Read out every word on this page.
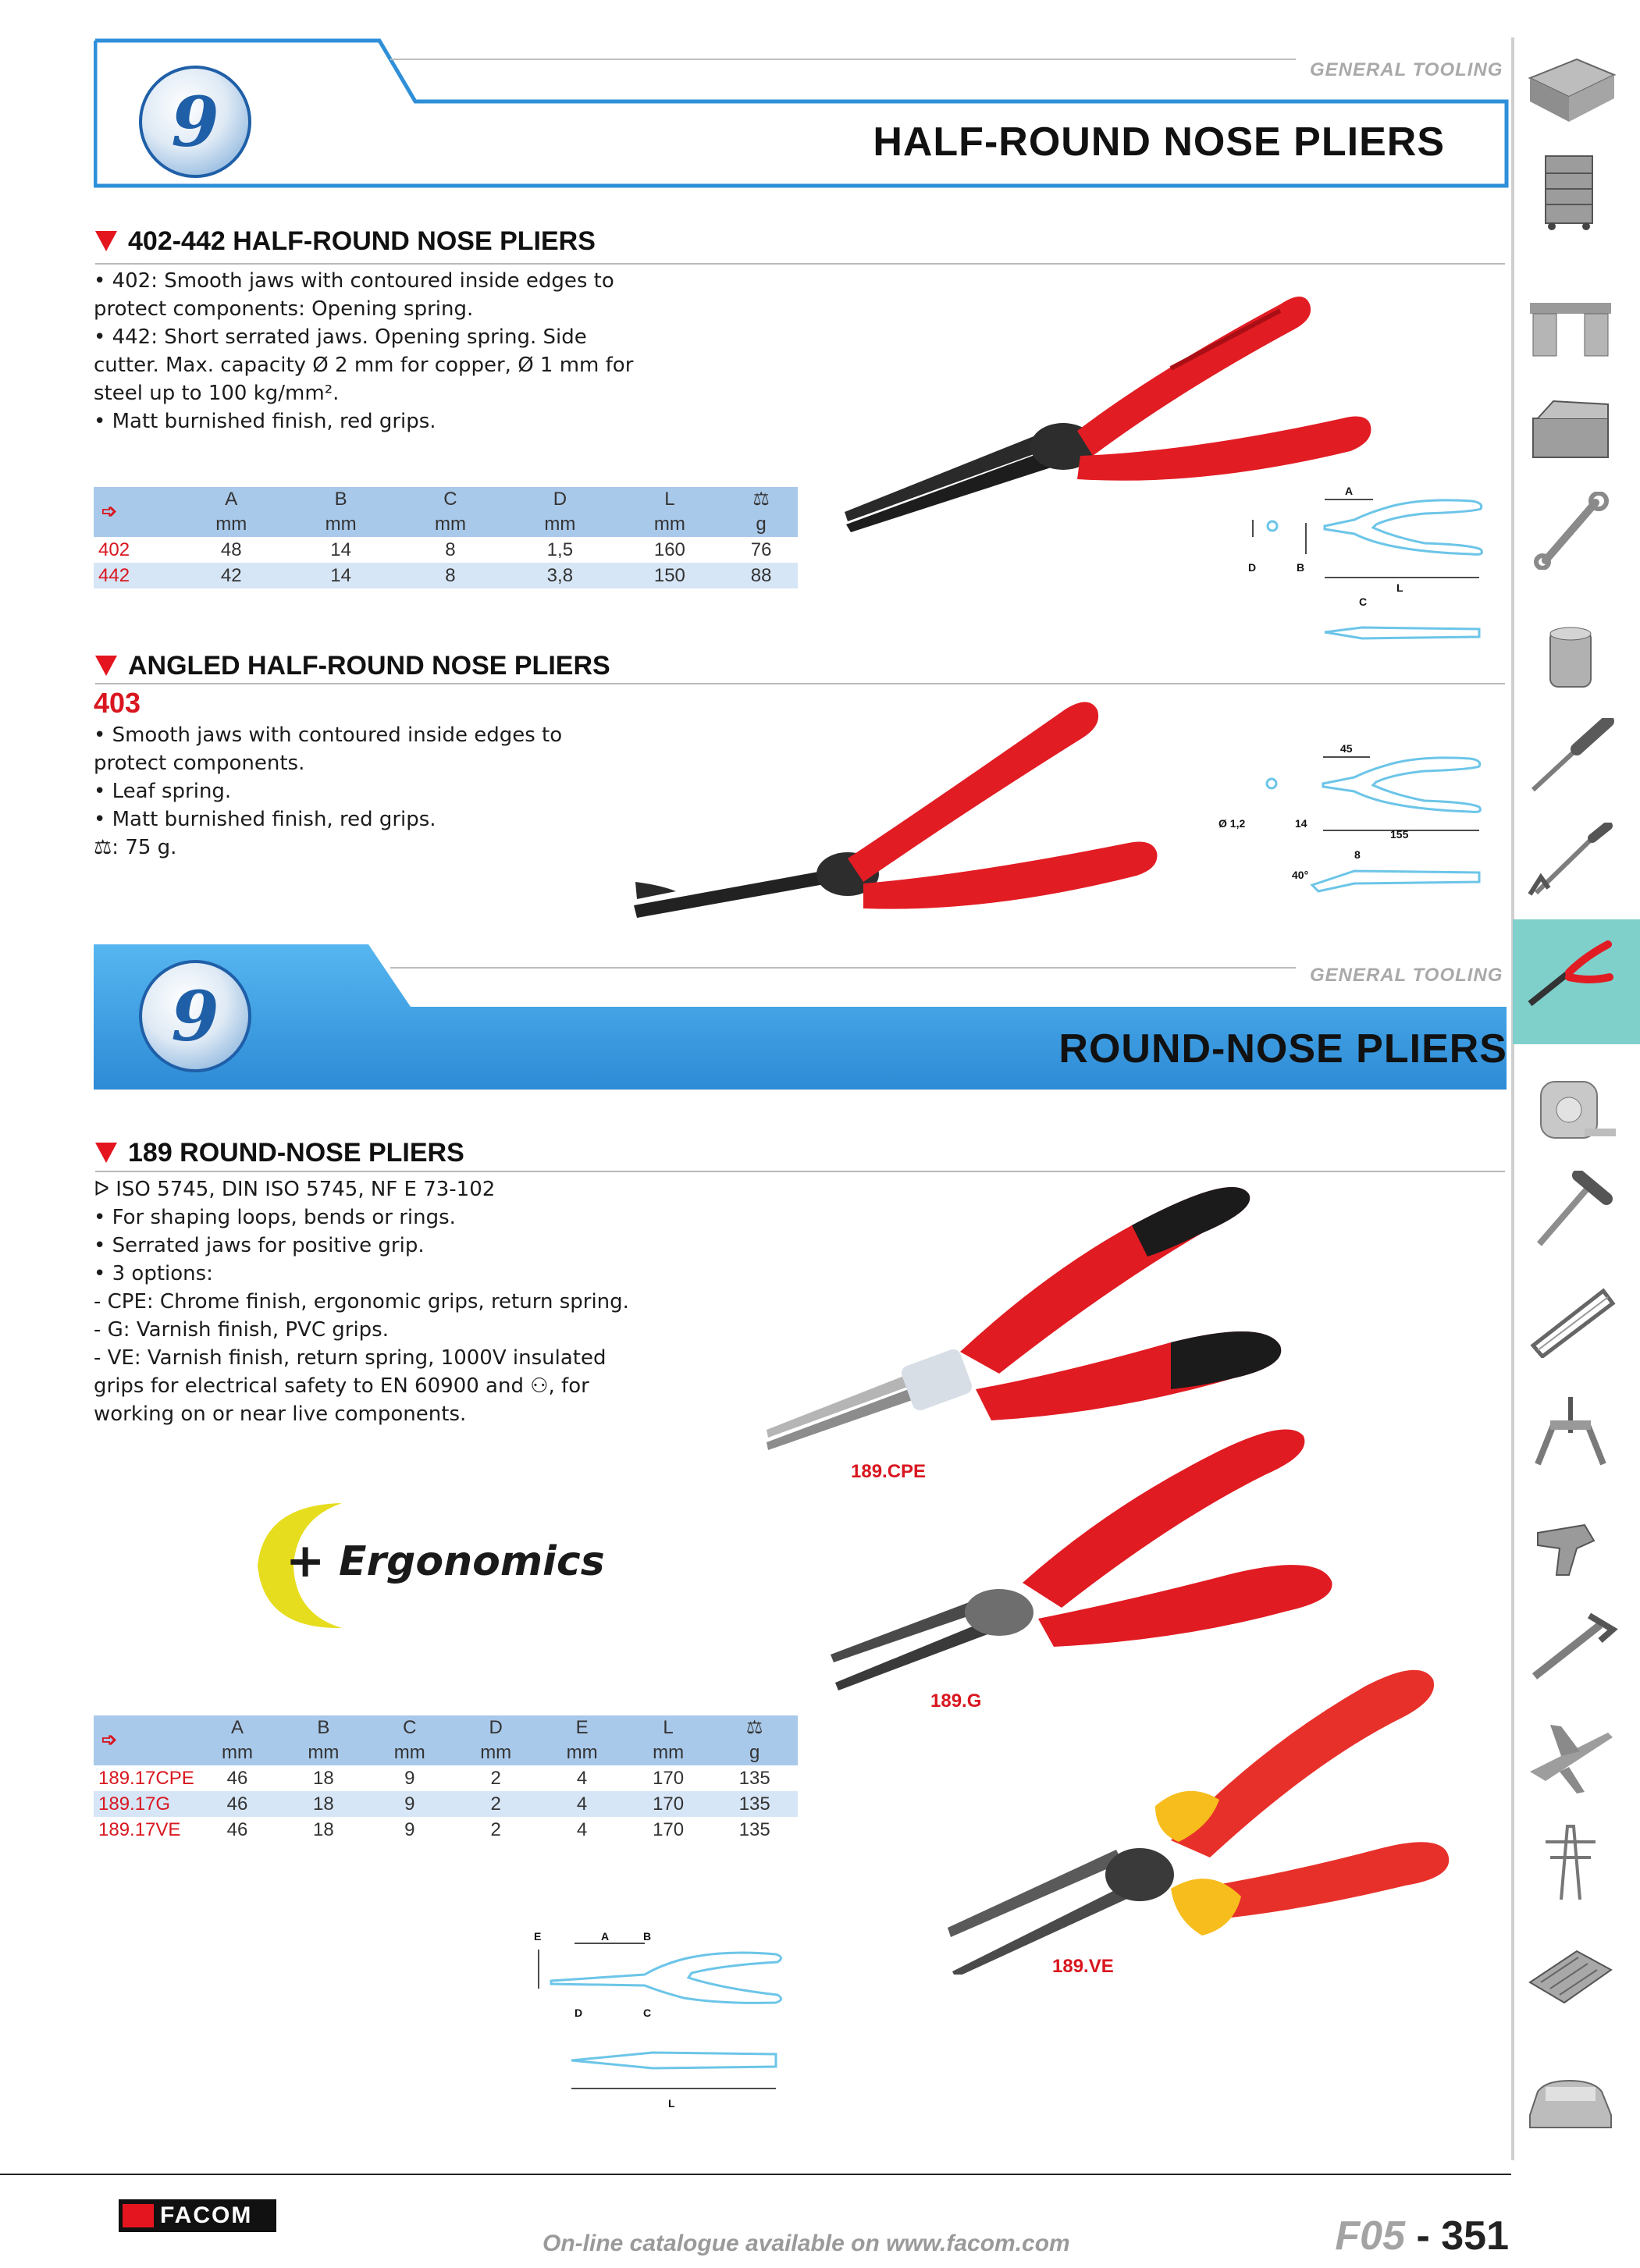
9
GENERAL TOOLING
HALF-ROUND NOSE PLIERS
402-442 HALF-ROUND NOSE PLIERS
• 402: Smooth jaws with contoured inside edges to
protect components: Opening spring.
• 442: Short serrated jaws. Opening spring. Side
cutter. Max. capacity Ø 2 mm for copper, Ø 1 mm for
steel up to 100 kg/mm².
• Matt burnished finish, red grips.
➩	A	B	C	D	L	⚖
	mm	mm	mm	mm	mm	g
402	48	14	8	1,5	160	76
442	42	14	8	3,8	150	88
A
D	B
L
C
ANGLED HALF-ROUND NOSE PLIERS
403
• Smooth jaws with contoured inside edges to
protect components.
• Leaf spring.
• Matt burnished finish, red grips.
⚖: 75 g.
45
Ø 1,2	14
155
8
40°
9
GENERAL TOOLING
ROUND-NOSE PLIERS
189 ROUND-NOSE PLIERS
ᐅ ISO 5745, DIN ISO 5745, NF E 73-102
• For shaping loops, bends or rings.
• Serrated jaws for positive grip.
• 3 options:
- CPE: Chrome finish, ergonomic grips, return spring.
- G: Varnish finish, PVC grips.
- VE: Varnish finish, return spring, 1000V insulated
grips for electrical safety to EN 60900 and ⚇, for
working on or near live components.
+ Ergonomics
➩	A	B	C	D	E	L	⚖
	mm	mm	mm	mm	mm	mm	g
189.17CPE	46	18	9	2	4	170	135
189.17G	46	18	9	2	4	170	135
189.17VE	46	18	9	2	4	170	135
189.CPE
189.G
189.VE
E	A	B
D	C
L
FACOM
On-line catalogue available on www.facom.com	F05 - 351
